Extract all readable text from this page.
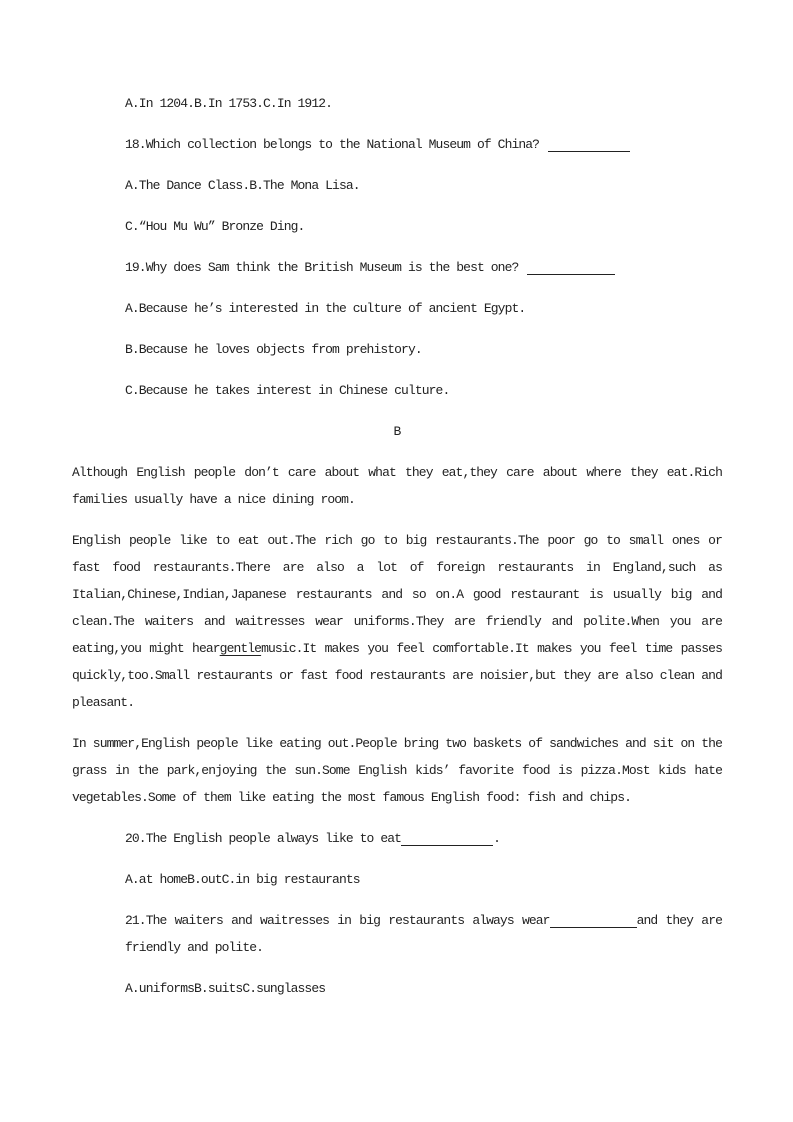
A.In 1204.B.In 1753.C.In 1912.
18.Which collection belongs to the National Museum of China?
A.The Dance Class.B.The Mona Lisa.
C.“Hou Mu Wu” Bronze Ding.
19.Why does Sam think the British Museum is the best one?
A.Because he’s interested in the culture of ancient Egypt.
B.Because he loves objects from prehistory.
C.Because he takes interest in Chinese culture.
B

Although English people don’t care about what they eat,they care about where they eat.Rich families usually have a nice dining room.

English people like to eat out.The rich go to big restaurants.The poor go to small ones or fast food restaurants.There are also a lot of foreign restaurants in England,such as Italian,Chinese,Indian,Japanese restaurants and so on.A good restaurant is usually big and clean.The waiters and waitresses wear uniforms.They are friendly and polite.When you are eating,you might heargentlemusic.It makes you feel comfortable.It makes you feel time passes quickly,too.Small restaurants or fast food restaurants are noisier,but they are also clean and pleasant.

In summer,English people like eating out.People bring two baskets of sandwiches and sit on the grass in the park,enjoying the sun.Some English kids’ favorite food is pizza.Most kids hate vegetables.Some of them like eating the most famous English food: fish and chips.

20.The English people always like to eat	.
A.at homeB.outC.in big restaurants
21.The waiters and waitresses in big restaurants always wear	and they are friendly and polite.
A.uniformsB.suitsC.sunglasses
